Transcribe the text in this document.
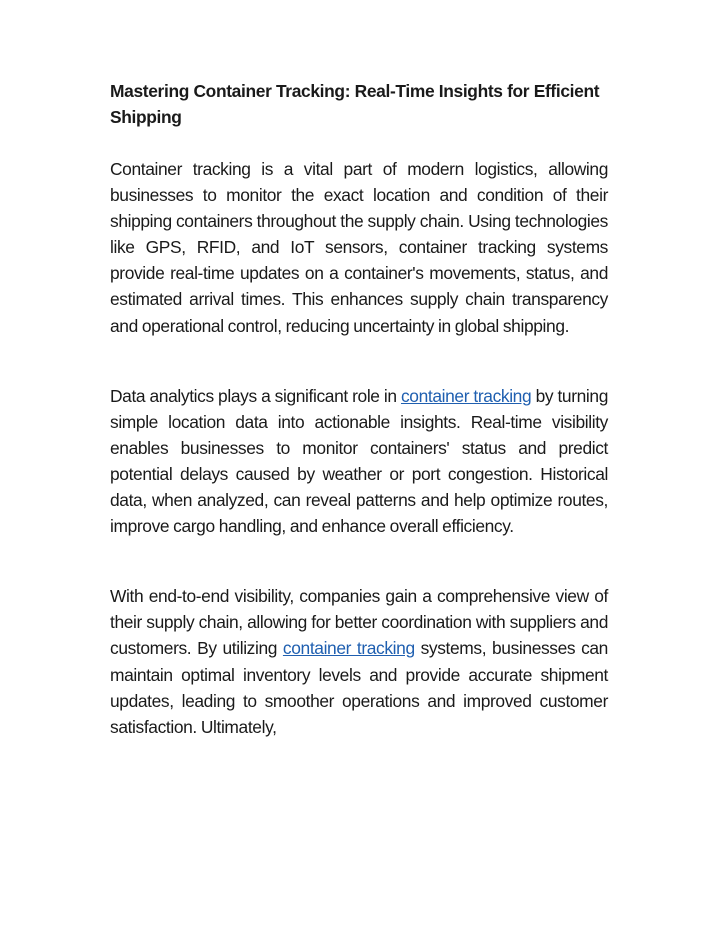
Mastering Container Tracking: Real-Time Insights for Efficient Shipping

Container tracking is a vital part of modern logistics, allowing businesses to monitor the exact location and condition of their shipping containers throughout the supply chain. Using technologies like GPS, RFID, and IoT sensors, container tracking systems provide real-time updates on a container's movements, status, and estimated arrival times. This enhances supply chain transparency and operational control, reducing uncertainty in global shipping.

Data analytics plays a significant role in container tracking by turning simple location data into actionable insights. Real-time visibility enables businesses to monitor containers' status and predict potential delays caused by weather or port congestion. Historical data, when analyzed, can reveal patterns and help optimize routes, improve cargo handling, and enhance overall efficiency.

With end-to-end visibility, companies gain a comprehensive view of their supply chain, allowing for better coordination with suppliers and customers. By utilizing container tracking systems, businesses can maintain optimal inventory levels and provide accurate shipment updates, leading to smoother operations and improved customer satisfaction. Ultimately,
